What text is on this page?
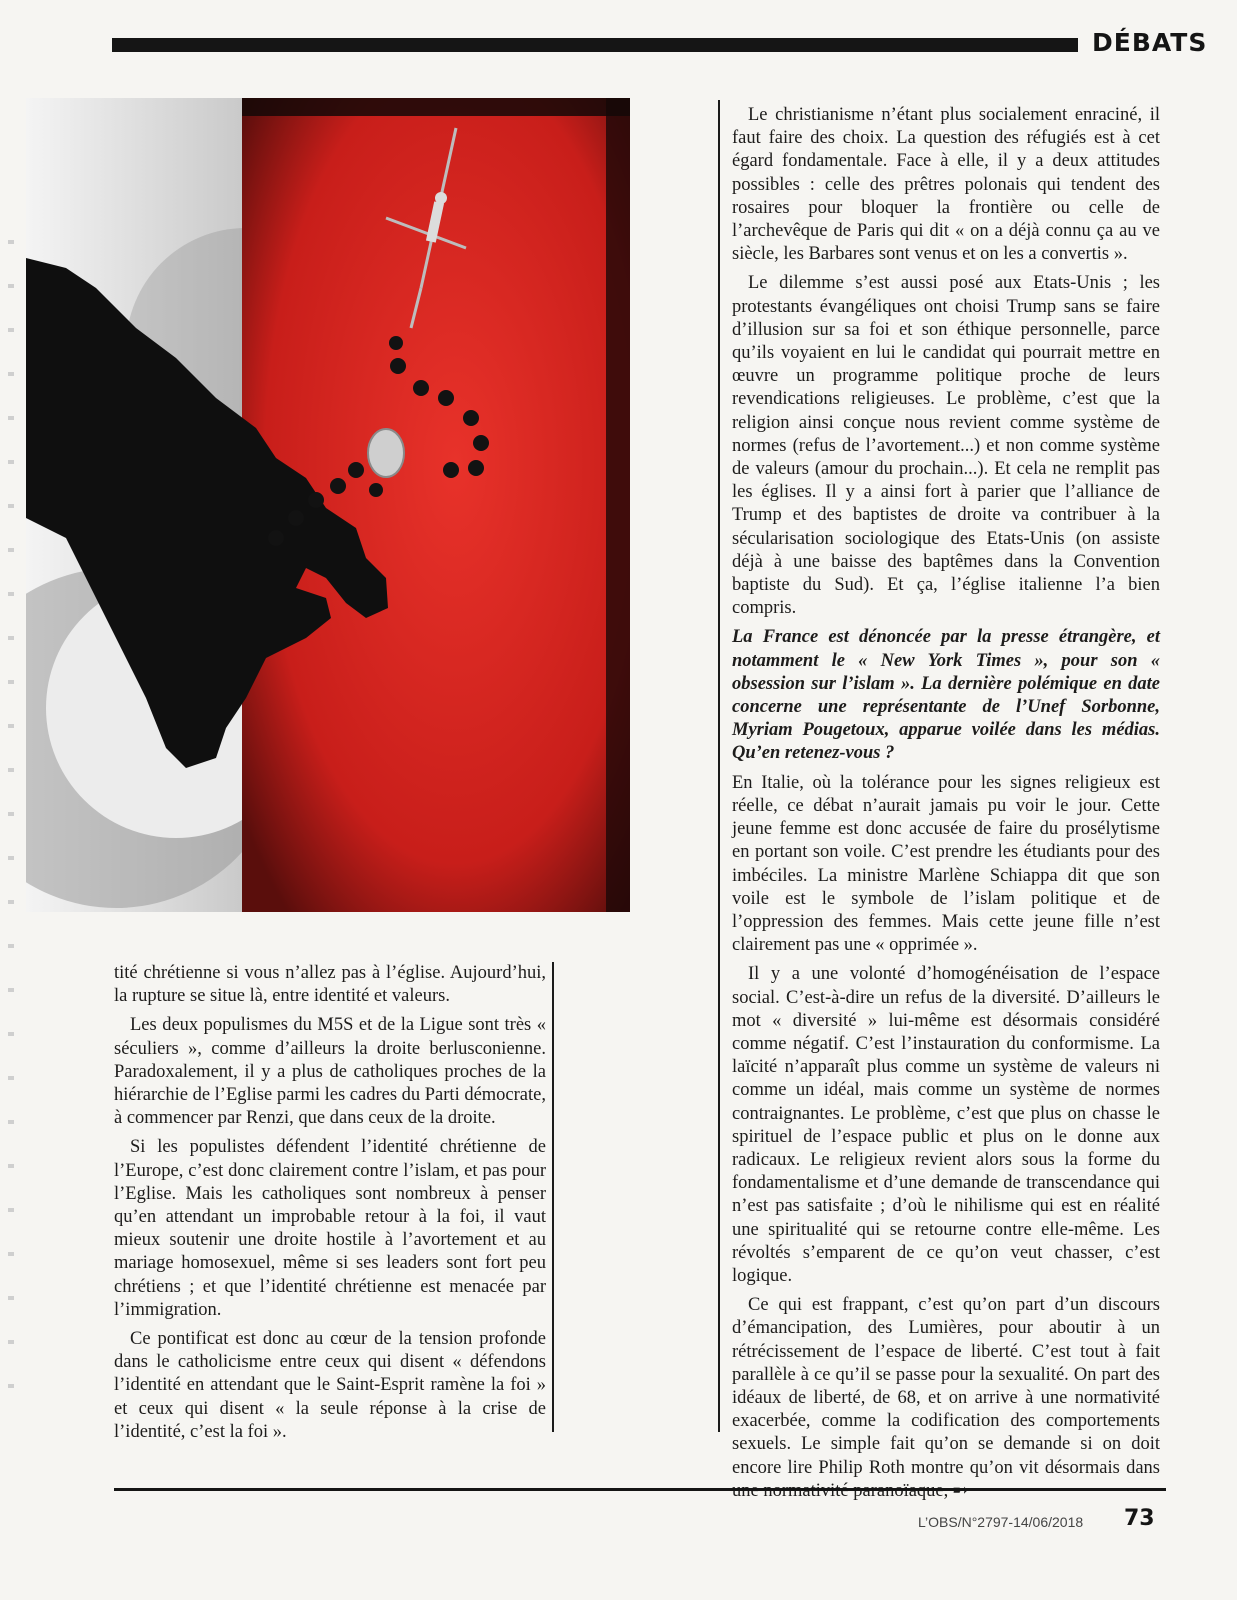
DÉBATS

tité chrétienne si vous n’allez pas à l’église. Aujourd’hui, la rupture se situe là, entre identité et valeurs.

Les deux populismes du M5S et de la Ligue sont très « séculiers », comme d’ailleurs la droite berlusconienne. Paradoxalement, il y a plus de catholiques proches de la hiérarchie de l’Eglise parmi les cadres du Parti démocrate, à commencer par Renzi, que dans ceux de la droite.

Si les populistes défendent l’identité chrétienne de l’Europe, c’est donc clairement contre l’islam, et pas pour l’Eglise. Mais les catholiques sont nombreux à penser qu’en attendant un improbable retour à la foi, il vaut mieux soutenir une droite hostile à l’avortement et au mariage homosexuel, même si ses leaders sont fort peu chrétiens ; et que l’identité chrétienne est menacée par l’immigration.

Ce pontificat est donc au cœur de la tension profonde dans le catholicisme entre ceux qui disent « défendons l’identité en attendant que le Saint-Esprit ramène la foi » et ceux qui disent « la seule réponse à la crise de l’identité, c’est la foi ».

Le christianisme n’étant plus socialement enraciné, il faut faire des choix. La question des réfugiés est à cet égard fondamentale. Face à elle, il y a deux attitudes possibles : celle des prêtres polonais qui tendent des rosaires pour bloquer la frontière ou celle de l’archevêque de Paris qui dit « on a déjà connu ça au ve siècle, les Barbares sont venus et on les a convertis ».

Le dilemme s’est aussi posé aux Etats-Unis ; les protestants évangéliques ont choisi Trump sans se faire d’illusion sur sa foi et son éthique personnelle, parce qu’ils voyaient en lui le candidat qui pourrait mettre en œuvre un programme politique proche de leurs revendications religieuses. Le problème, c’est que la religion ainsi conçue nous revient comme système de normes (refus de l’avortement...) et non comme système de valeurs (amour du prochain...). Et cela ne remplit pas les églises. Il y a ainsi fort à parier que l’alliance de Trump et des baptistes de droite va contribuer à la sécularisation sociologique des Etats-Unis (on assiste déjà à une baisse des baptêmes dans la Convention baptiste du Sud). Et ça, l’église italienne l’a bien compris.

La France est dénoncée par la presse étrangère, et notamment le « New York Times », pour son « obsession sur l’islam ». La dernière polémique en date concerne une représentante de l’Unef Sorbonne, Myriam Pougetoux, apparue voilée dans les médias. Qu’en retenez-vous ?

En Italie, où la tolérance pour les signes religieux est réelle, ce débat n’aurait jamais pu voir le jour. Cette jeune femme est donc accusée de faire du prosélytisme en portant son voile. C’est prendre les étudiants pour des imbéciles. La ministre Marlène Schiappa dit que son voile est le symbole de l’islam politique et de l’oppression des femmes. Mais cette jeune fille n’est clairement pas une « opprimée ».

Il y a une volonté d’homogénéisation de l’espace social. C’est-à-dire un refus de la diversité. D’ailleurs le mot « diversité » lui-même est désormais considéré comme négatif. C’est l’instauration du conformisme. La laïcité n’apparaît plus comme un système de valeurs ni comme un idéal, mais comme un système de normes contraignantes. Le problème, c’est que plus on chasse le spirituel de l’espace public et plus on le donne aux radicaux. Le religieux revient alors sous la forme du fondamentalisme et d’une demande de transcendance qui n’est pas satisfaite ; d’où le nihilisme qui est en réalité une spiritualité qui se retourne contre elle-même. Les révoltés s’emparent de ce qu’on veut chasser, c’est logique.

Ce qui est frappant, c’est qu’on part d’un discours d’émancipation, des Lumières, pour aboutir à un rétrécissement de l’espace de liberté. C’est tout à fait parallèle à ce qu’il se passe pour la sexualité. On part des idéaux de liberté, de 68, et on arrive à une normativité exacerbée, comme la codification des comportements sexuels. Le simple fait qu’on se demande si on doit encore lire Philip Roth montre qu’on vit désormais dans

L’OBS/N°2797-14/06/2018 73
